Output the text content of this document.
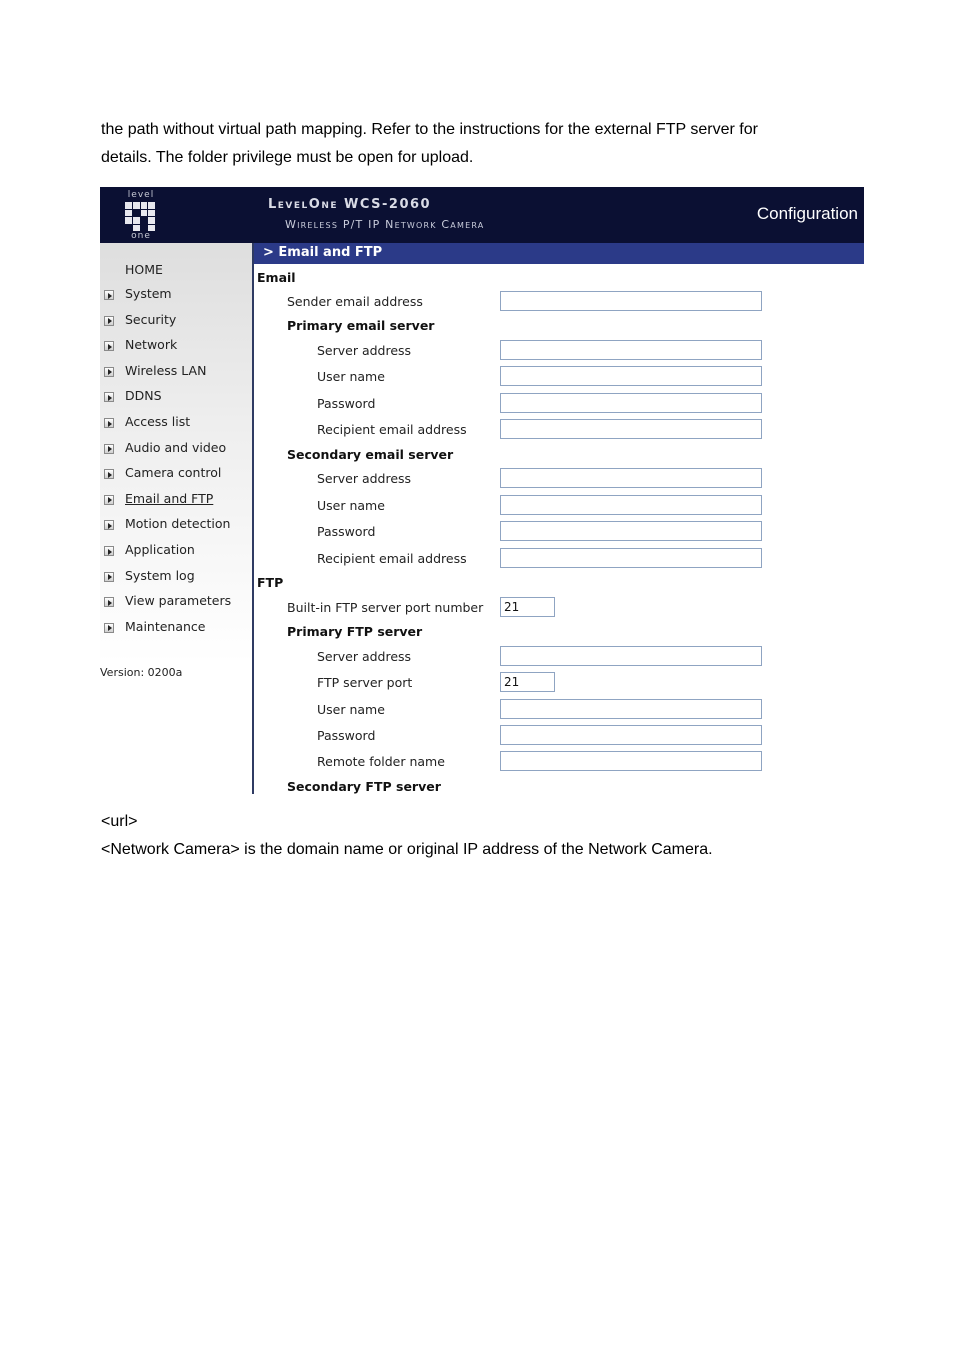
the path without virtual path mapping. Refer to the instructions for the external FTP server for
details. The folder privilege must be open for upload.

level
one
LevelOne WCS-2060
Wireless P/T IP Network Camera
Configuration
HOME
System
Security
Network
Wireless LAN
DDNS
Access list
Audio and video
Camera control
Email and FTP
Motion detection
Application
System log
View parameters
Maintenance
Version: 0200a
> Email and FTP
Email
Sender email address
Primary email server
Server address
User name
Password
Recipient email address
Secondary email server
Server address
User name
Password
Recipient email address
FTP
Built-in FTP server port number
21
Primary FTP server
Server address
FTP server port
21
User name
Password
Remote folder name
Secondary FTP server

<url>
<Network Camera> is the domain name or original IP address of the Network Camera.
